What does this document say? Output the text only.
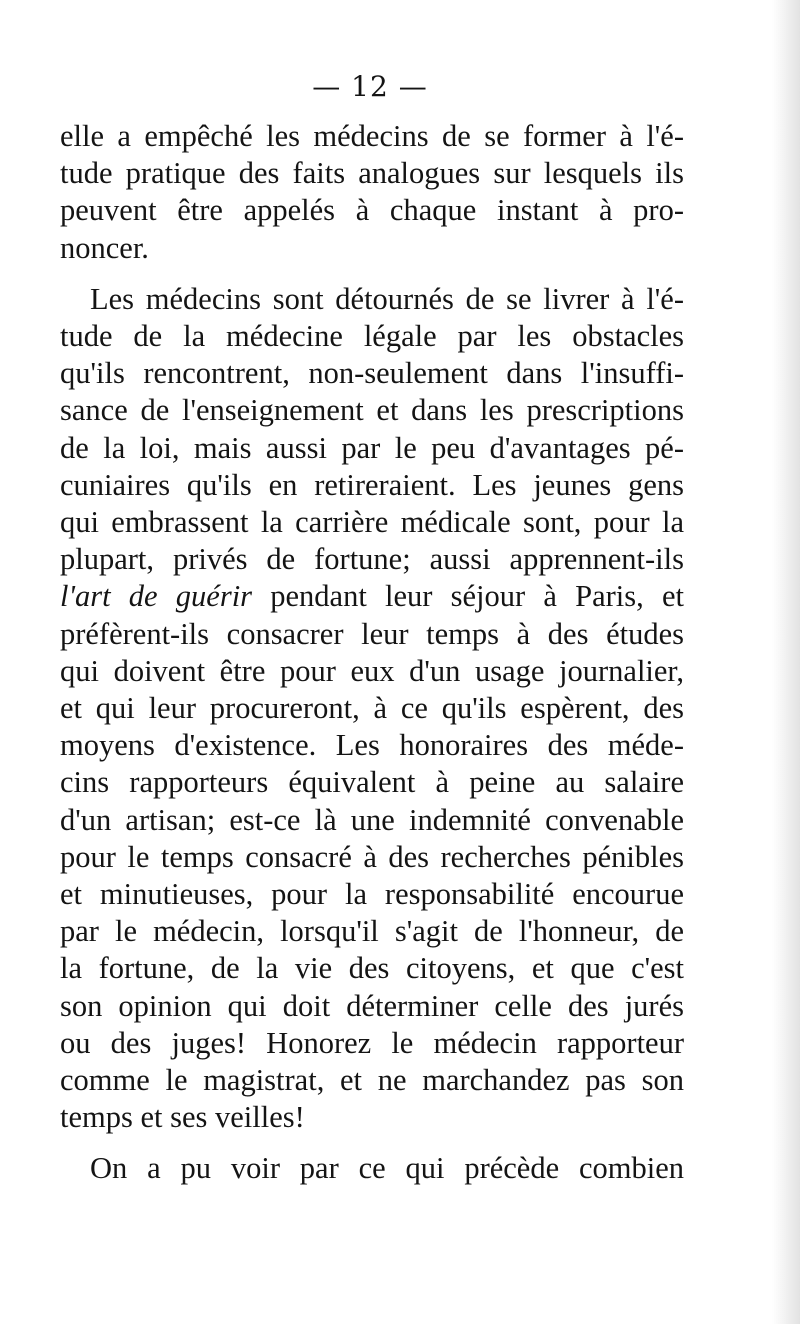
— 12 —
elle a empêché les médecins de se former à l'é-
tude pratique des faits analogues sur lesquels ils
peuvent être appelés à chaque instant à pro-
noncer.
Les médecins sont détournés de se livrer à l'é-
tude de la médecine légale par les obstacles
qu'ils rencontrent, non-seulement dans l'insuffi-
sance de l'enseignement et dans les prescriptions
de la loi, mais aussi par le peu d'avantages pé-
cuniaires qu'ils en retireraient. Les jeunes gens
qui embrassent la carrière médicale sont, pour la
plupart, privés de fortune; aussi apprennent-ils
l'art de guérir pendant leur séjour à Paris, et
préfèrent-ils consacrer leur temps à des études
qui doivent être pour eux d'un usage journalier,
et qui leur procureront, à ce qu'ils espèrent, des
moyens d'existence. Les honoraires des méde-
cins rapporteurs équivalent à peine au salaire
d'un artisan; est-ce là une indemnité convenable
pour le temps consacré à des recherches pénibles
et minutieuses, pour la responsabilité encourue
par le médecin, lorsqu'il s'agit de l'honneur, de
la fortune, de la vie des citoyens, et que c'est
son opinion qui doit déterminer celle des jurés
ou des juges! Honorez le médecin rapporteur
comme le magistrat, et ne marchandez pas son
temps et ses veilles!
On a pu voir par ce qui précède combien
